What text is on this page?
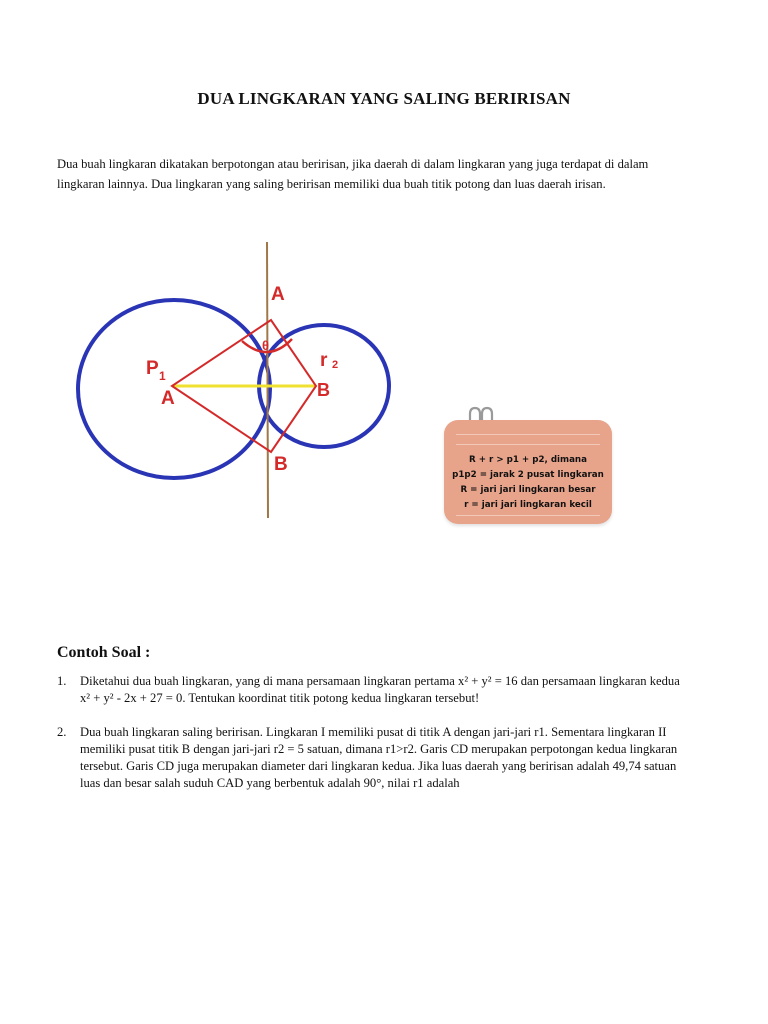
DUA LINGKARAN YANG SALING BERIRISAN
Dua buah lingkaran dikatakan berpotongan atau beririsan, jika daerah di dalam lingkaran yang juga terdapat di dalam lingkaran lainnya. Dua lingkaran yang saling beririsan memiliki dua buah titik potong dan luas daerah irisan.
θ
A
A	B
B
P 1
r 2
R + r > p1 + p2, dimana
p1p2 = jarak 2 pusat lingkaran
R = jari jari lingkaran besar
r = jari jari lingkaran kecil
Contoh Soal :
1. Diketahui dua buah lingkaran, yang di mana persamaan lingkaran pertama x² + y² = 16 dan persamaan lingkaran kedua x² + y² - 2x + 27 = 0. Tentukan koordinat titik potong kedua lingkaran tersebut!
2. Dua buah lingkaran saling beririsan. Lingkaran I memiliki pusat di titik A dengan jari-jari r1. Sementara lingkaran II memiliki pusat titik B dengan jari-jari r2 = 5 satuan, dimana r1>r2. Garis CD merupakan perpotongan kedua lingkaran tersebut. Garis CD juga merupakan diameter dari lingkaran kedua. Jika luas daerah yang beririsan adalah 49,74 satuan luas dan besar salah suduh CAD yang berbentuk adalah 90°, nilai r1 adalah
